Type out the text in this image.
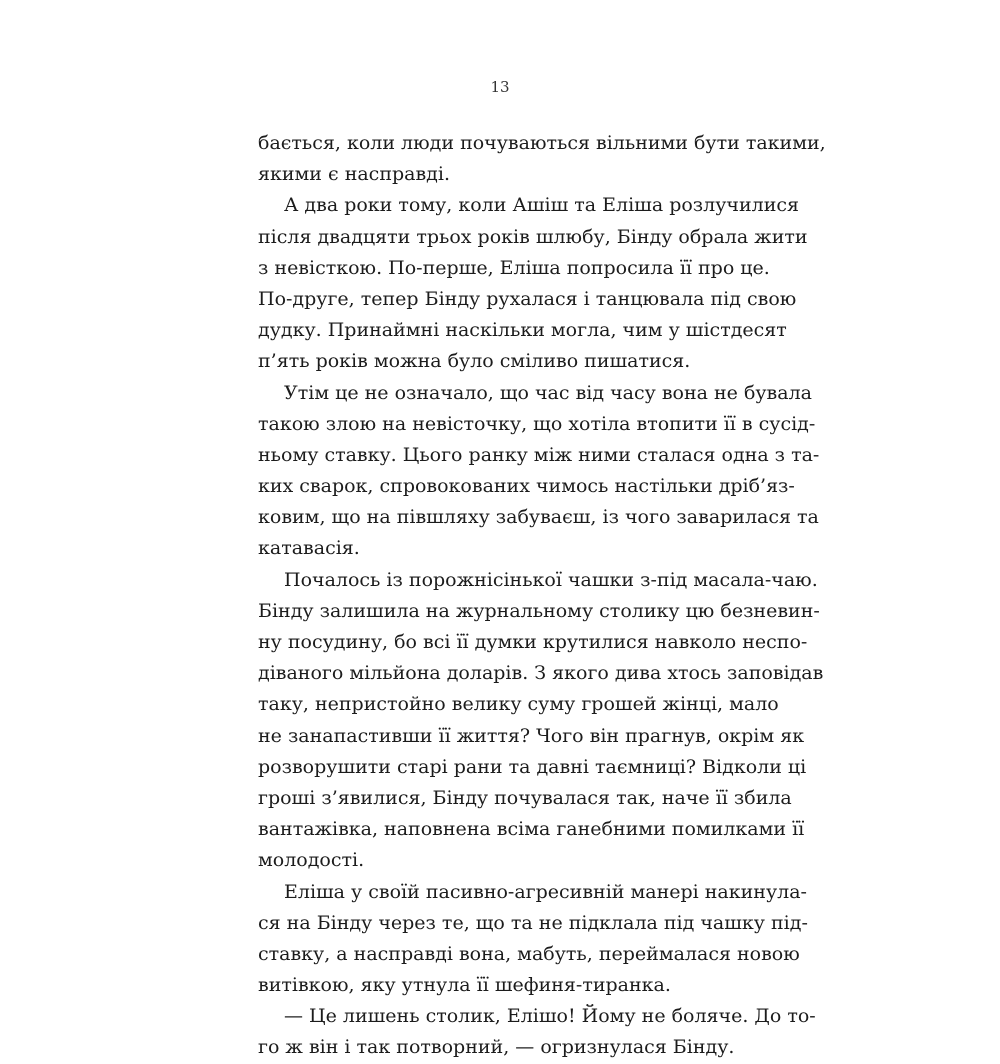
13
бається, коли люди почуваються вільними бути такими,
якими є насправді.
А два роки тому, коли Ашіш та Еліша розлучилися
після двадцяти трьох років шлюбу, Бінду обрала жити
з невісткою. По-перше, Еліша попросила її про це.
По-друге, тепер Бінду рухалася і танцювала під свою
дудку. Принаймні наскільки могла, чим у шістдесят
п’ять років можна було сміливо пишатися.
Утім це не означало, що час від часу вона не бувала
такою злою на невісточку, що хотіла втопити її в сусід-
ньому ставку. Цього ранку між ними сталася одна з та-
ких сварок, спровокованих чимось настільки дріб’яз-
ковим, що на півшляху забуваєш, із чого заварилася та
катавасія.
Почалось із порожнісінької чашки з-під масала-чаю.
Бінду залишила на журнальному столику цю безневин-
ну посудину, бо всі її думки крутилися навколо неспо-
діваного мільйона доларів. З якого дива хтось заповідав
таку, непристойно велику суму грошей жінці, мало
не занапастивши її життя? Чого він прагнув, окрім як
розворушити старі рани та давні таємниці? Відколи ці
гроші з’явилися, Бінду почувалася так, наче її збила
вантажівка, наповнена всіма ганебними помилками її
молодості.
Еліша у своїй пасивно-агресивній манері накинула-
ся на Бінду через те, що та не підклала під чашку під-
ставку, а насправді вона, мабуть, переймалася новою
витівкою, яку утнула її шефиня-тиранка.
— Це лишень столик, Елішо! Йому не боляче. До то-
го ж він і так потворний, — огризнулася Бінду.
